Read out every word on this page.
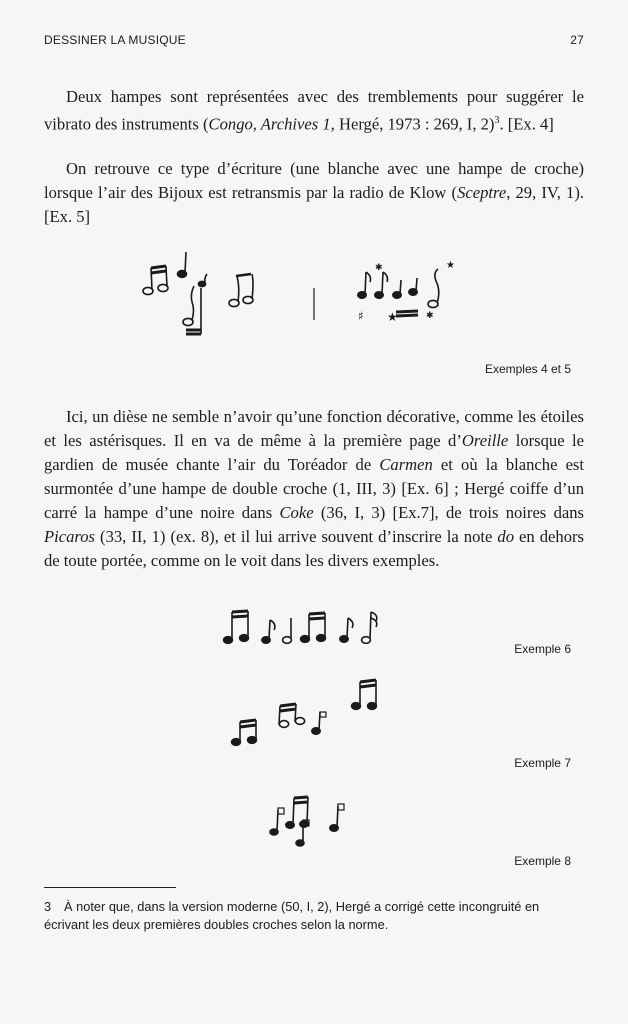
DESSINER LA MUSIQUE	27

Deux hampes sont représentées avec des tremblements pour suggérer le vibrato des instruments (Congo, Archives 1, Hergé, 1973 : 269, I, 2)$^3$. [Ex. 4]

On retrouve ce type d’écriture (une blanche avec une hampe de croche) lorsque l’air des Bijoux est retransmis par la radio de Klow (Sceptre, 29, IV, 1). [Ex. 5]

♯ ★
✱	★
✱
Exemples 4 et 5

Ici, un dièse ne semble n’avoir qu’une fonction décorative, comme les étoiles et les astérisques. Il en va de même à la première page d’Oreille lorsque le gardien de musée chante l’air du Toréador de Carmen et où la blanche est surmontée d’une hampe de double croche (1, III, 3) [Ex. 6] ; Hergé coiffe d’un carré la hampe d’une noire dans Coke (36, I, 3) [Ex.7], de trois noires dans Picaros (33, II, 1) (ex. 8), et il lui arrive souvent d’inscrire la note do en dehors de toute portée, comme on le voit dans les divers exemples.

Exemple 6
Exemple 7
Exemple 8
3 À noter que, dans la version moderne (50, I, 2), Hergé a corrigé cette incongruité en écrivant les deux premières doubles croches selon la norme.
